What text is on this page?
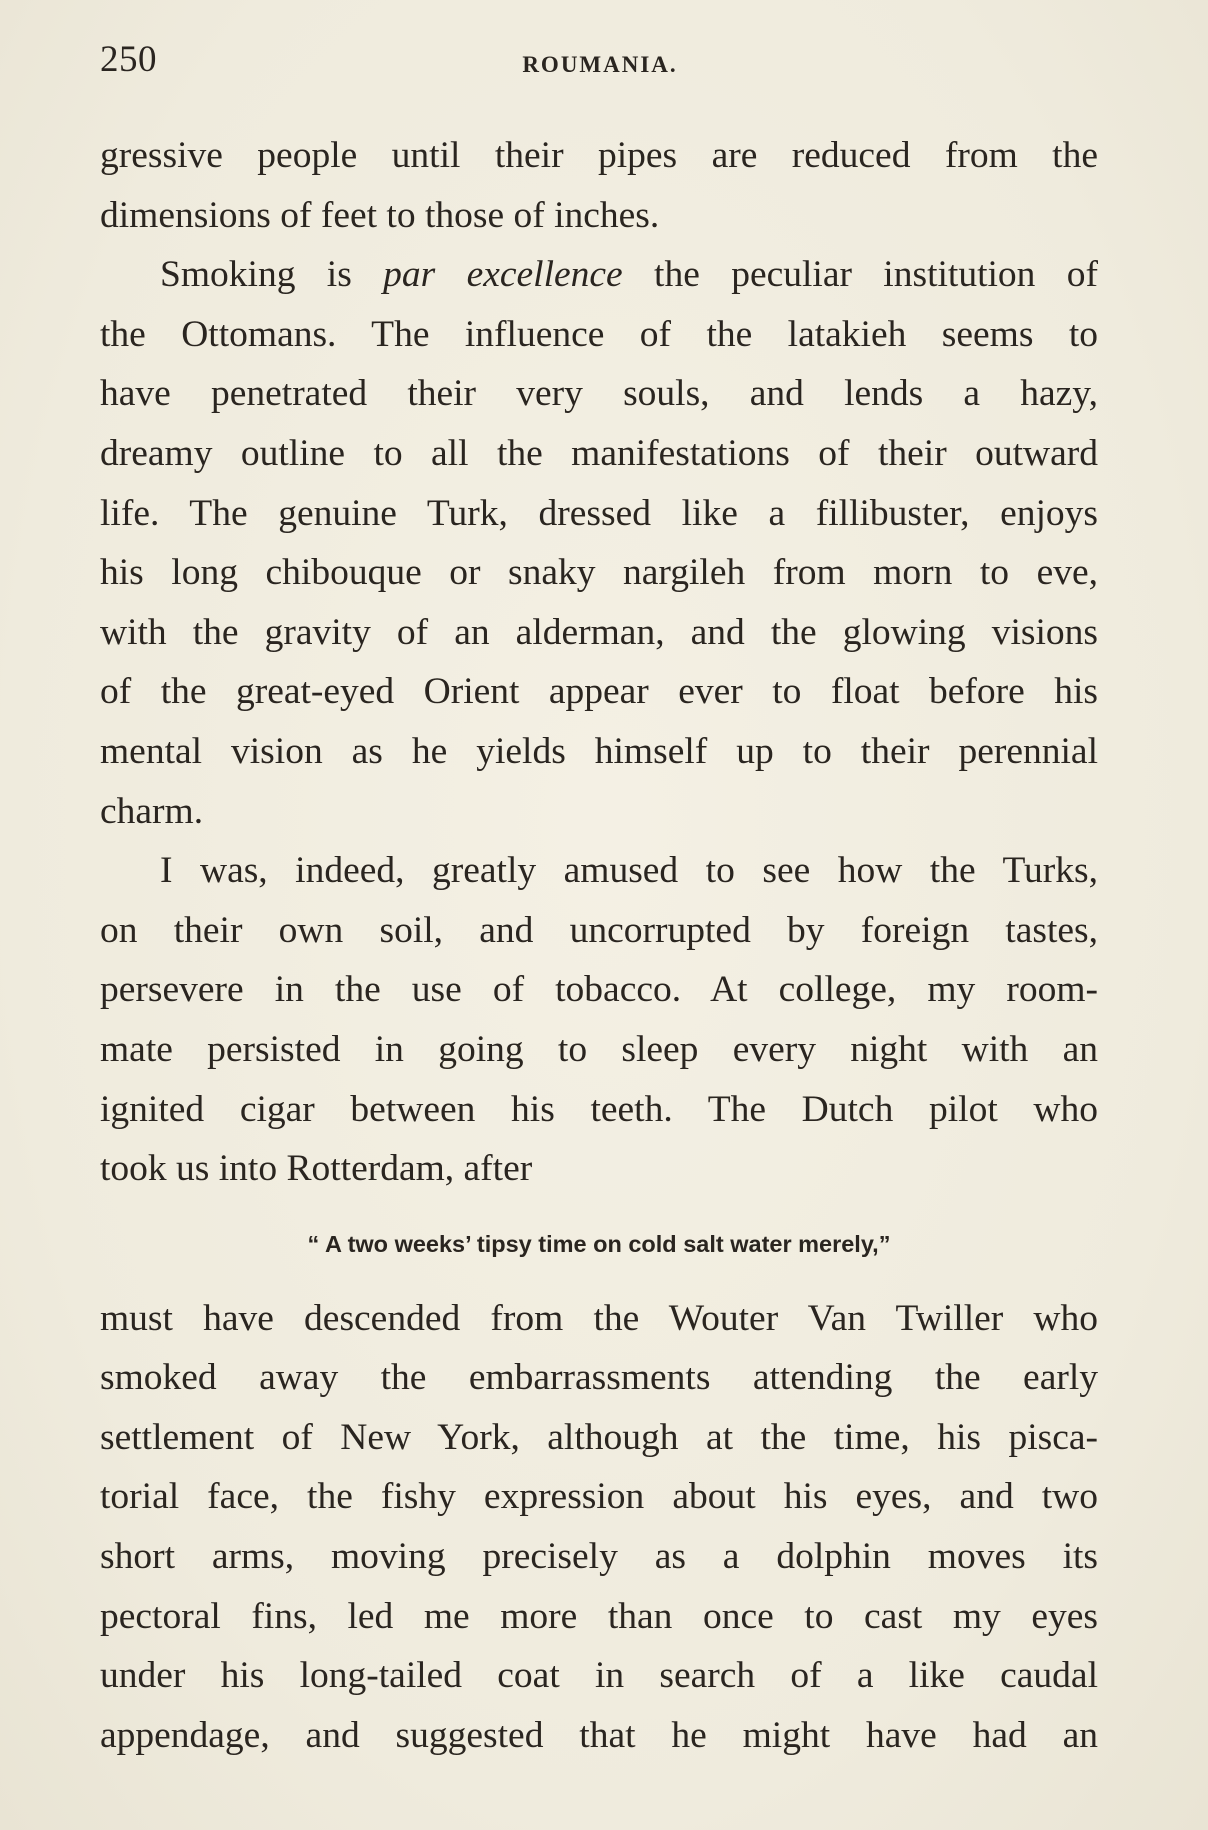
250	ROUMANIA.
gressive people until their pipes are reduced from the
dimensions of feet to those of inches.
Smoking is par excellence the peculiar institution of
the Ottomans. The influence of the latakieh seems to
have penetrated their very souls, and lends a hazy,
dreamy outline to all the manifestations of their outward
life. The genuine Turk, dressed like a fillibuster, enjoys
his long chibouque or snaky nargileh from morn to eve,
with the gravity of an alderman, and the glowing visions
of the great-eyed Orient appear ever to float before his
mental vision as he yields himself up to their perennial
charm.
I was, indeed, greatly amused to see how the Turks,
on their own soil, and uncorrupted by foreign tastes,
persevere in the use of tobacco. At college, my room-
mate persisted in going to sleep every night with an
ignited cigar between his teeth. The Dutch pilot who
took us into Rotterdam, after
“ A two weeks’ tipsy time on cold salt water merely,”
must have descended from the Wouter Van Twiller who
smoked away the embarrassments attending the early
settlement of New York, although at the time, his pisca-
torial face, the fishy expression about his eyes, and two
short arms, moving precisely as a dolphin moves its
pectoral fins, led me more than once to cast my eyes
under his long-tailed coat in search of a like caudal
appendage, and suggested that he might have had an
